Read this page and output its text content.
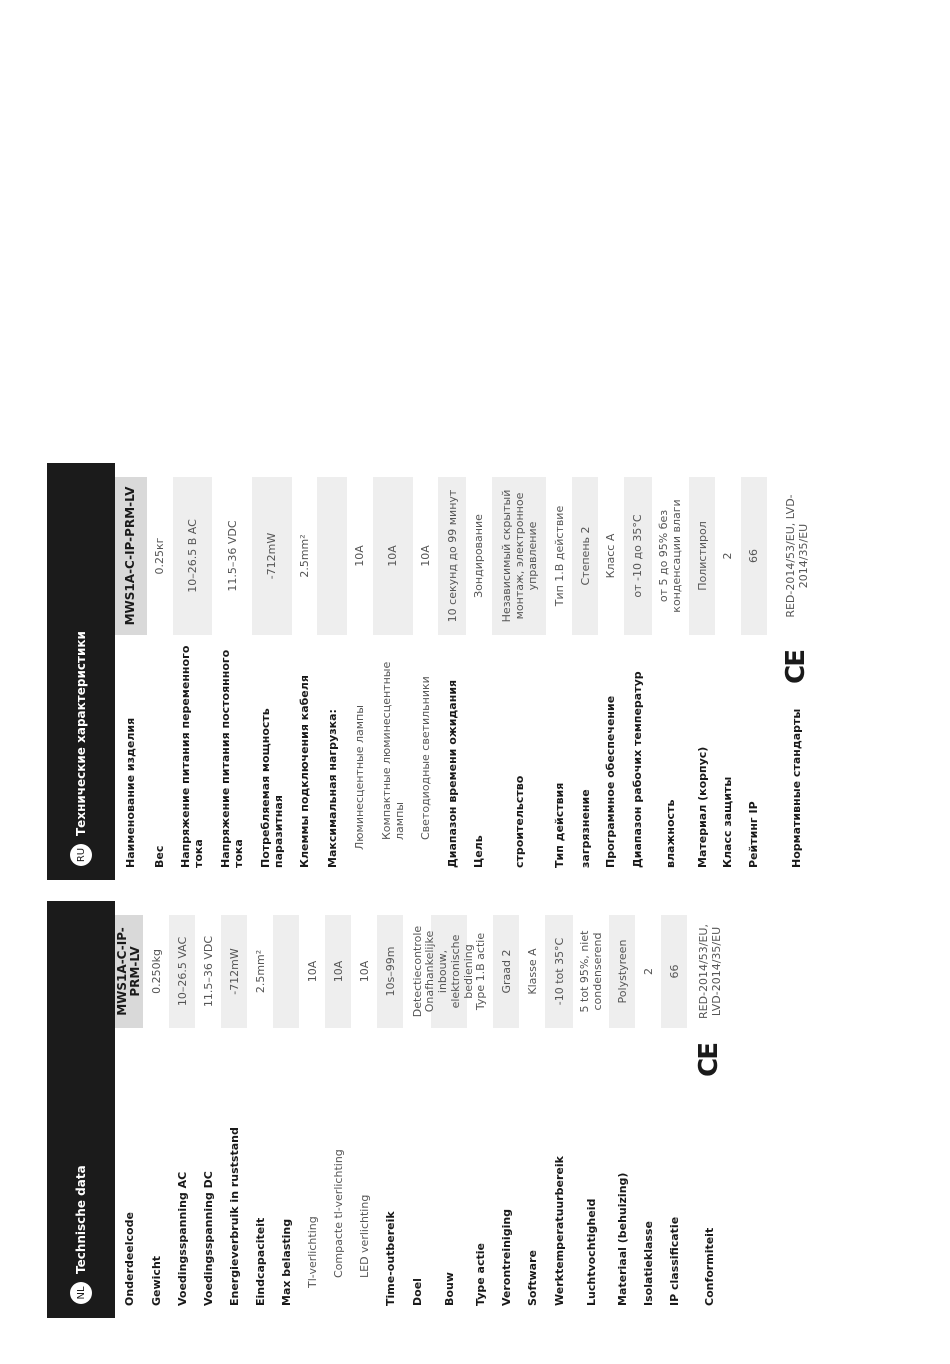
NL
Technische data	Onderdeelcode
MWS1A-C-IP-PRM-LV
Gewicht
0.250kg
Voedingsspanning AC
10–26.5 VAC
Voedingsspanning DC
11.5–36 VDC
Energieverbruik in ruststand
-712mW
Eindcapaciteit
2.5mm²
Max belasting Tl-verlichting
10A
Compacte tl-verlichting
10A
LED verlichting
10A
Time-outbereik
10s–99m
Doel
Detectiecontrole
Bouw
Onafhankelijke inbouw, elektronische bediening
Type actie
Type 1.B actie
Verontreiniging
Graad 2
Software
Klasse A
Werktemperatuurbereik
-10 tot 35°C
Luchtvochtigheid
5 tot 95%, niet condenserend
Materiaal (behuizing)
Polystyreen
Isolatieklasse
2
IP classificatie
66
Conformiteit
CE
RED-2014/53/EU, LVD-2014/35/EU
RU
Технические характеристики	Наименование изделия
MWS1A-C-IP-PRM-LV
Вес
0.25кг
Напряжение питания переменного тока
10–26.5 В AC
Напряжение питания постоянного тока
11.5–36 VDC
Потребляемая мощность паразитная
-712mW
Клеммы подключения кабеля
2.5mm²
Максимальная нагрузка: Люминесцентные лампы
10A
Компактные люминесцентные лампы
10A
Светодиодные светильники
10A
Диапазон времени ожидания
10 секунд до 99 минут
Цель
Зондирование
строительство
Независимый скрытый монтаж, электронное управление
Тип действия
Тип 1.В действие
загрязнение
Степень 2
Программное обеспечение
Класс А
Диапазон рабочих температур
от -10 до 35°C
влажность
от 5 до 95% без конденсации влаги
Материал (корпус)
Полистирол
Класс защиты
2
Рейтинг IP
66
Нормативные стандарты
CE
RED-2014/53/EU, LVD-2014/35/EU
